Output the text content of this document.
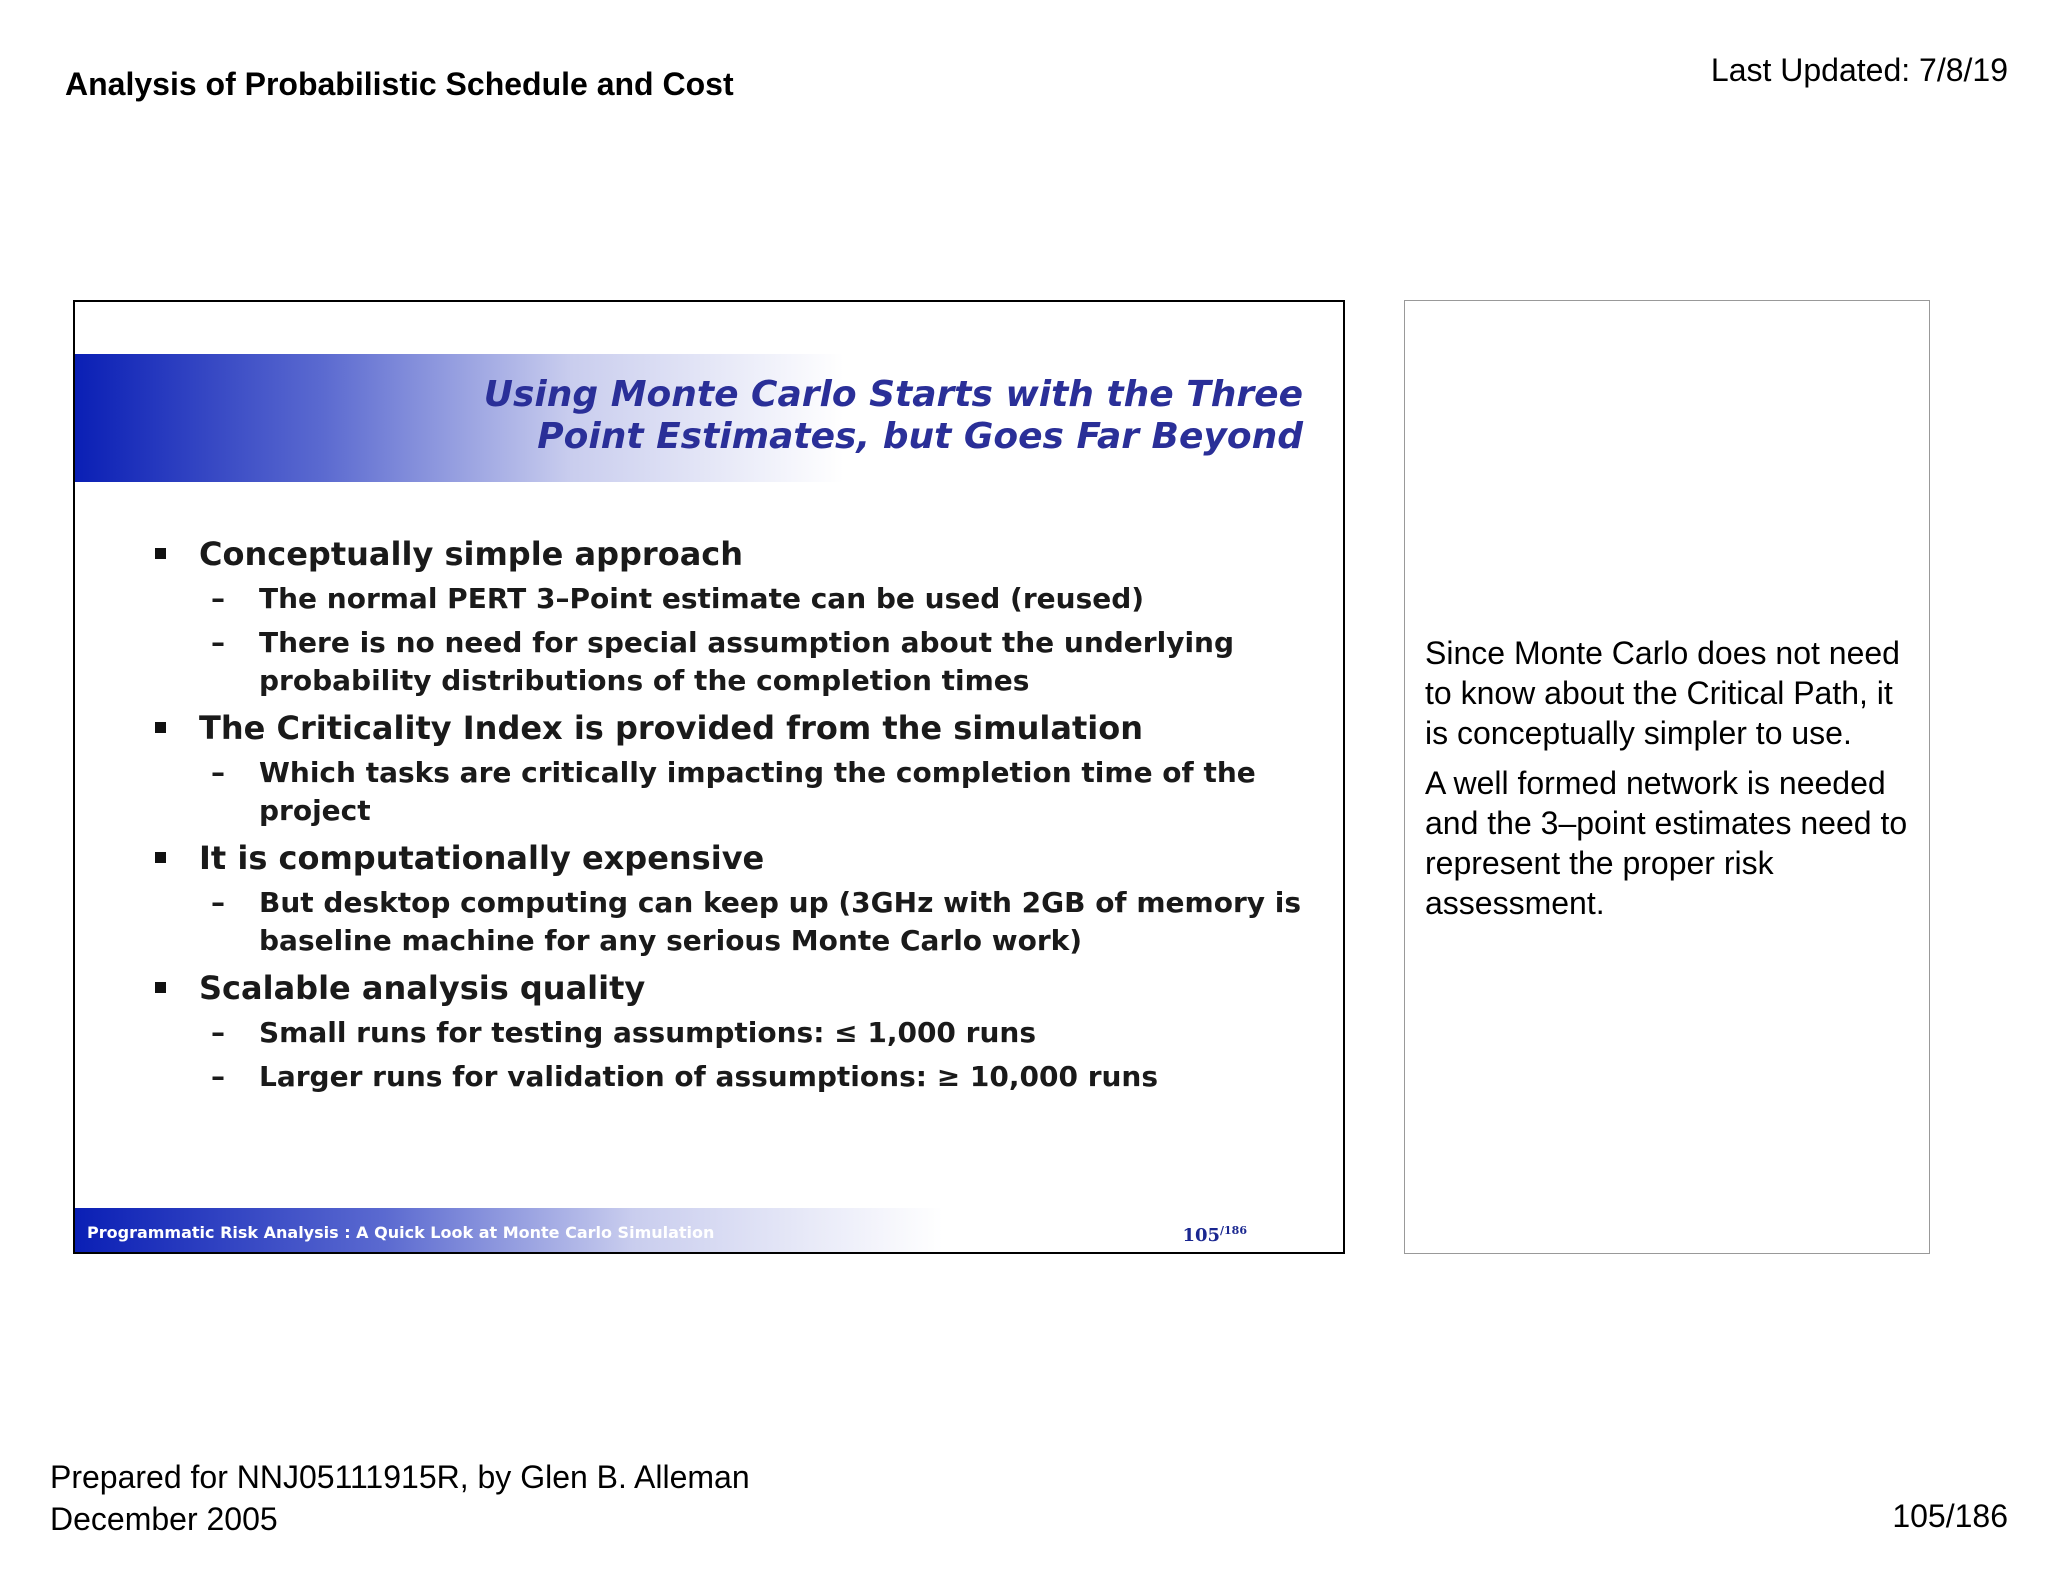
Analysis of Probabilistic Schedule and Cost	Last Updated: 7/8/19
Using Monte Carlo Starts with the Three
Point Estimates, but Goes Far Beyond
Conceptually simple approach
– The normal PERT 3–Point estimate can be used (reused)
– There is no need for special assumption about the underlying probability distributions of the completion times
The Criticality Index is provided from the simulation
– Which tasks are critically impacting the completion time of the project
It is computationally expensive
– But desktop computing can keep up (3GHz with 2GB of memory is baseline machine for any serious Monte Carlo work)
Scalable analysis quality
– Small runs for testing assumptions: ≤ 1,000 runs
– Larger runs for validation of assumptions: ≥ 10,000 runs
Programmatic Risk Analysis : A Quick Look at Monte Carlo Simulation	$105^{/186}$

Since Monte Carlo does not need to know about the Critical Path, it is conceptually simpler to use.

A well formed network is needed and the 3–point estimates need to represent the proper risk assessment.

Prepared for NNJ05111915R, by Glen B. Alleman
December 2005	105/186
